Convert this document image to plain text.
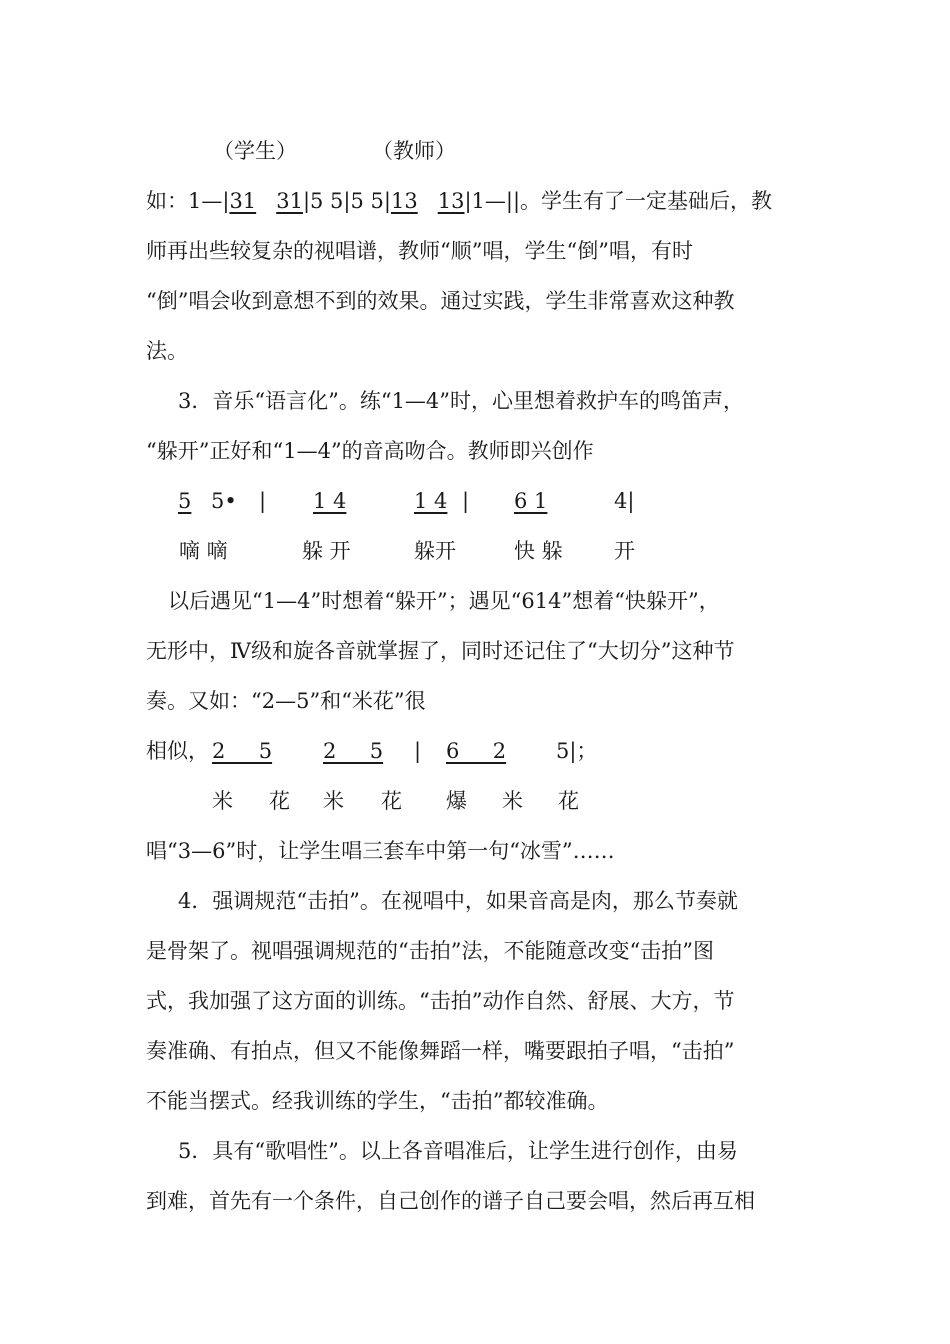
（学生）	（教师）
如：1—|31 31|5 5|5 5|13 13|1—||。学生有了一定基础后，教
师再出些较复杂的视唱谱，教师“顺”唱，学生“倒”唱，有时
“倒”唱会收到意想不到的效果。通过实践，学生非常喜欢这种教
法。
3．音乐“语言化”。练“1—4”时，心里想着救护车的鸣笛声，
“躲开”正好和“1—4”的音高吻合。教师即兴创作
5 5• | 1 4	1 4 | 6 1	4|
嘀 嘀	躲 开	躲开	快 躲 开
以后遇见“1—4”时想着“躲开”；遇见“614”想着“快躲开”，
无形中，Ⅳ级和旋各音就掌握了，同时还记住了“大切分”这种节
奏。又如：“2—5”和“米花”很
相似， 2     5 2     5 | 6     2 5|；
米 花 米 花 爆 米 花
唱“3—6”时，让学生唱三套车中第一句“冰雪”……
4．强调规范“击拍”。在视唱中，如果音高是肉，那么节奏就
是骨架了。视唱强调规范的“击拍”法，不能随意改变“击拍”图
式，我加强了这方面的训练。“击拍”动作自然、舒展、大方，节
奏准确、有拍点，但又不能像舞蹈一样，嘴要跟拍子唱，“击拍”
不能当摆式。经我训练的学生，“击拍”都较准确。
5．具有“歌唱性”。以上各音唱准后，让学生进行创作，由易
到难，首先有一个条件，自己创作的谱子自己要会唱，然后再互相
